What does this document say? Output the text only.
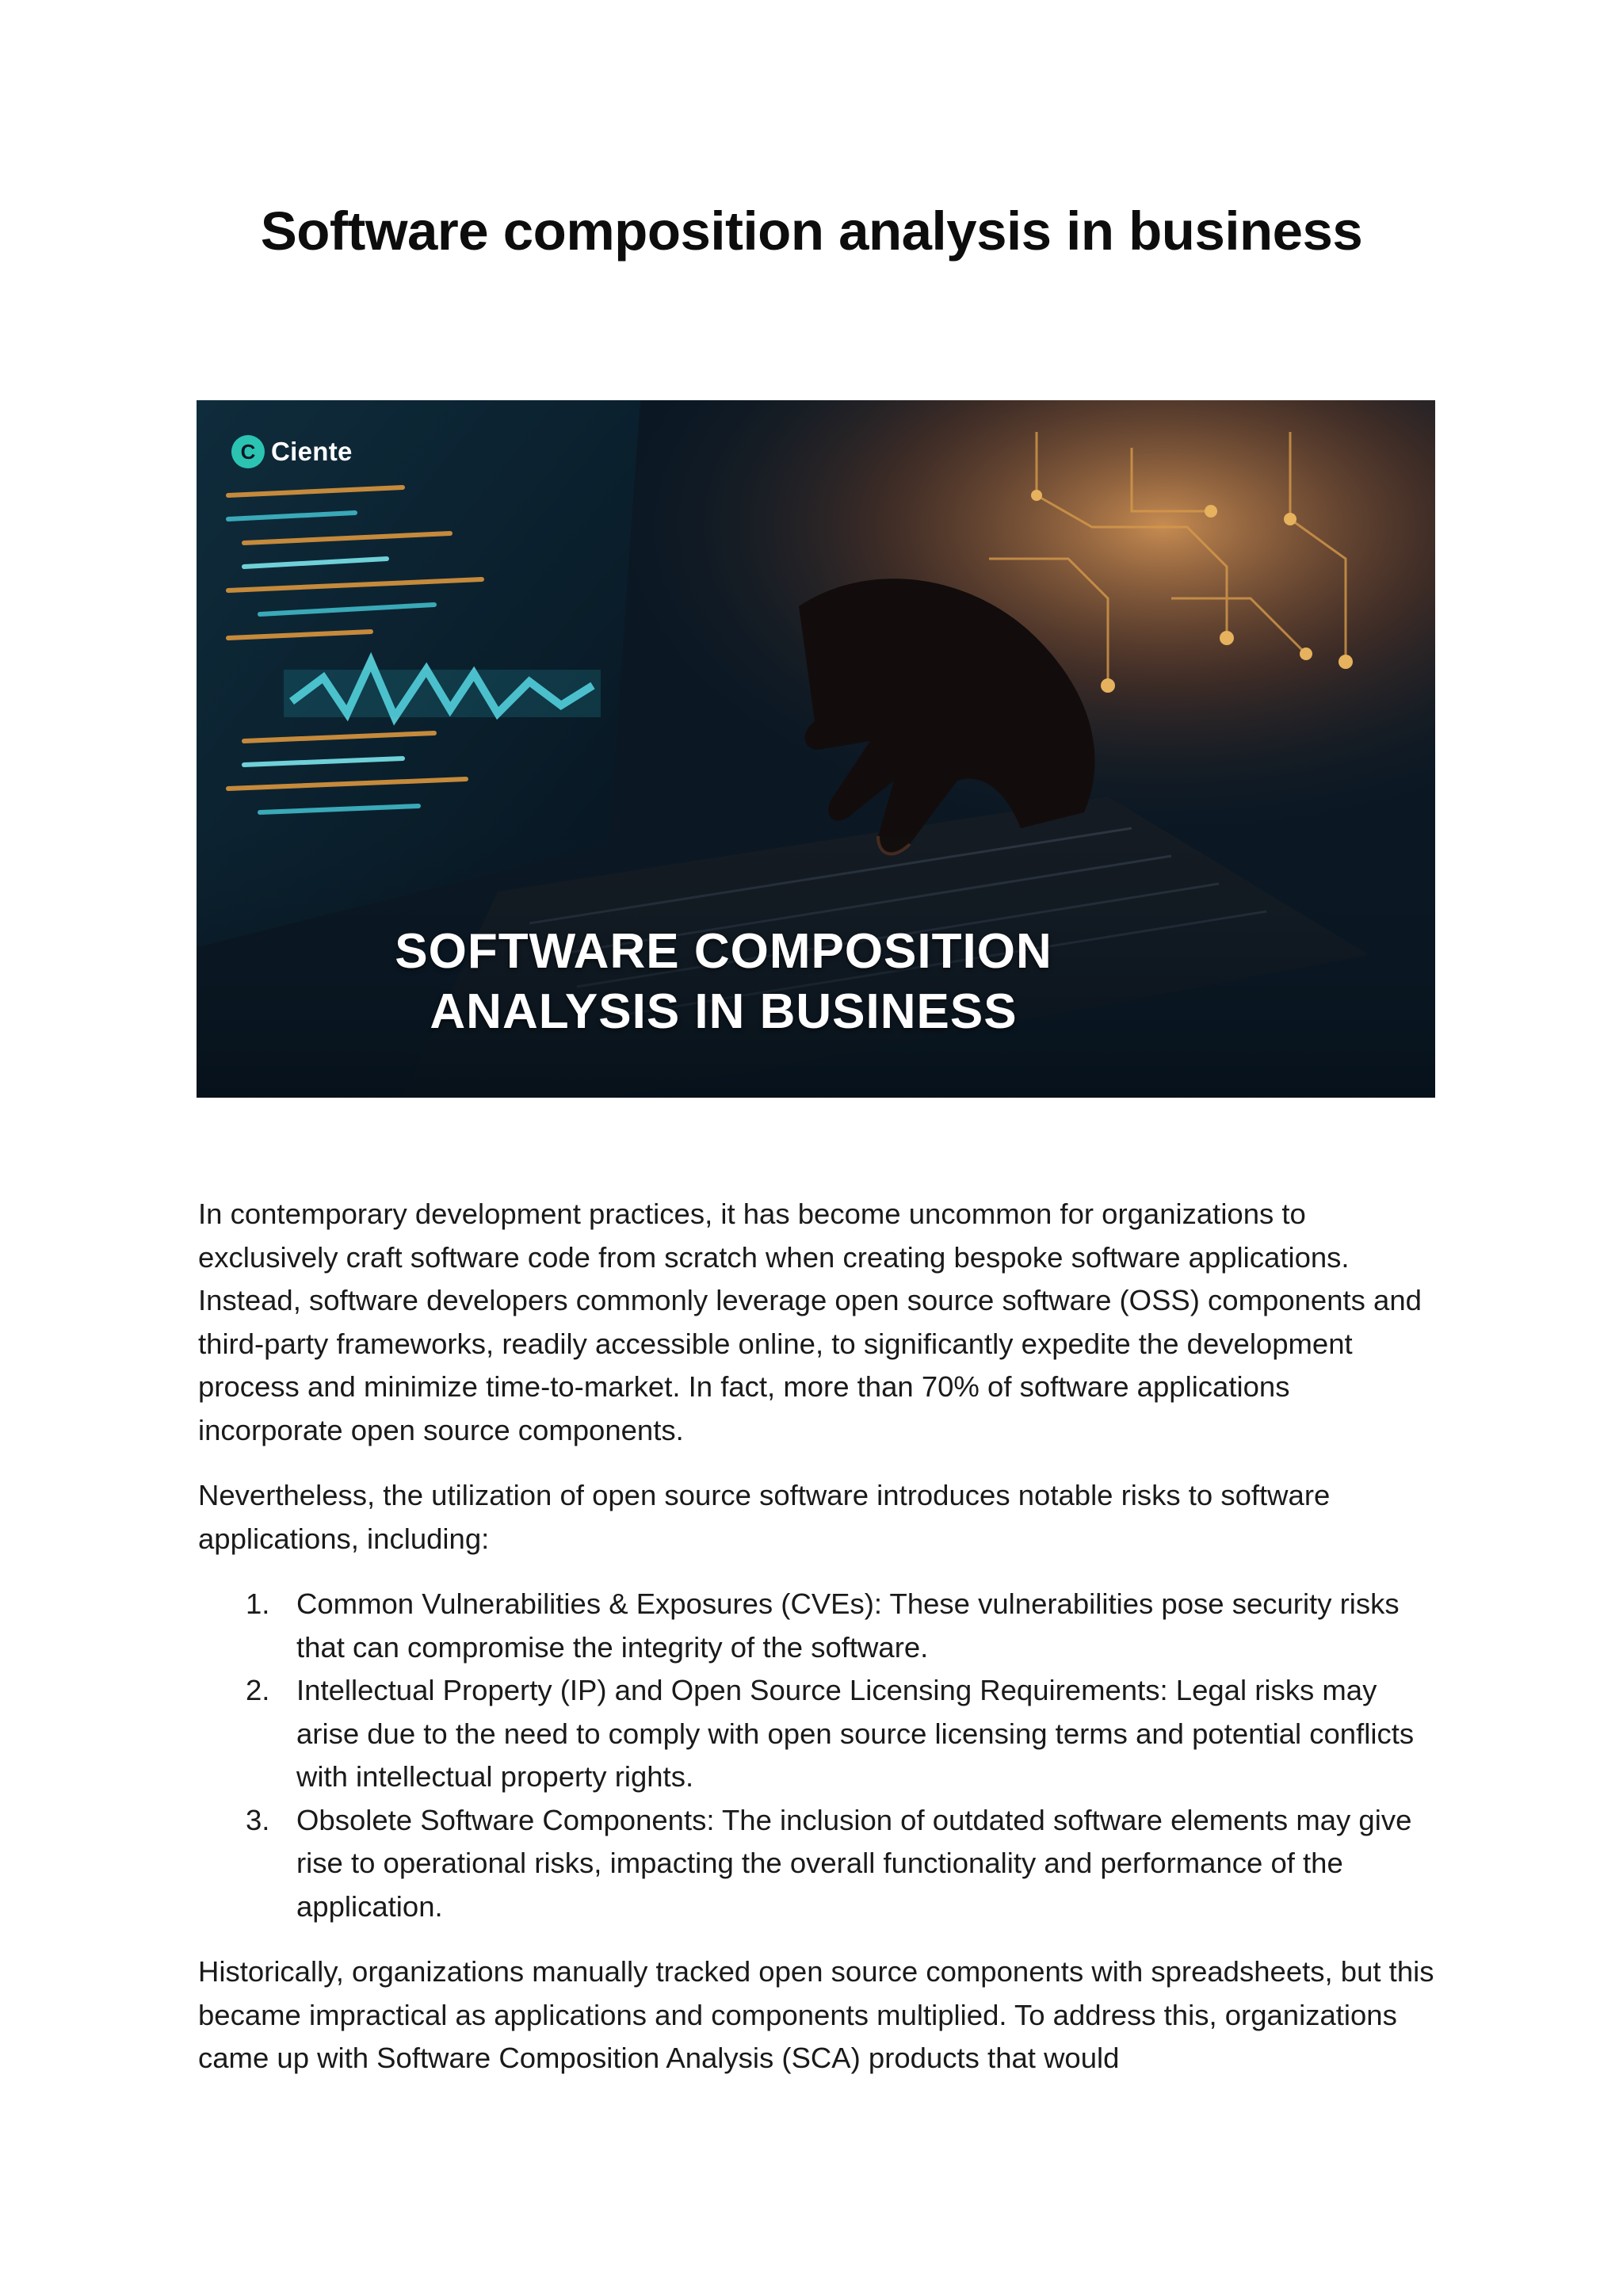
Software composition analysis in business
C Ciente
SOFTWARE COMPOSITION
ANALYSIS IN BUSINESS

In contemporary development practices, it has become uncommon for organizations to exclusively craft software code from scratch when creating bespoke software applications. Instead, software developers commonly leverage open source software (OSS) components and third-party frameworks, readily accessible online, to significantly expedite the development process and minimize time-to-market. In fact, more than 70% of software applications incorporate open source components.

Nevertheless, the utilization of open source software introduces notable risks to software applications, including:

1. Common Vulnerabilities & Exposures (CVEs): These vulnerabilities pose security risks that can compromise the integrity of the software.
2. Intellectual Property (IP) and Open Source Licensing Requirements: Legal risks may arise due to the need to comply with open source licensing terms and potential conflicts with intellectual property rights.
3. Obsolete Software Components: The inclusion of outdated software elements may give rise to operational risks, impacting the overall functionality and performance of the application.

Historically, organizations manually tracked open source components with spreadsheets, but this became impractical as applications and components multiplied. To address this, organizations came up with Software Composition Analysis (SCA) products that would
